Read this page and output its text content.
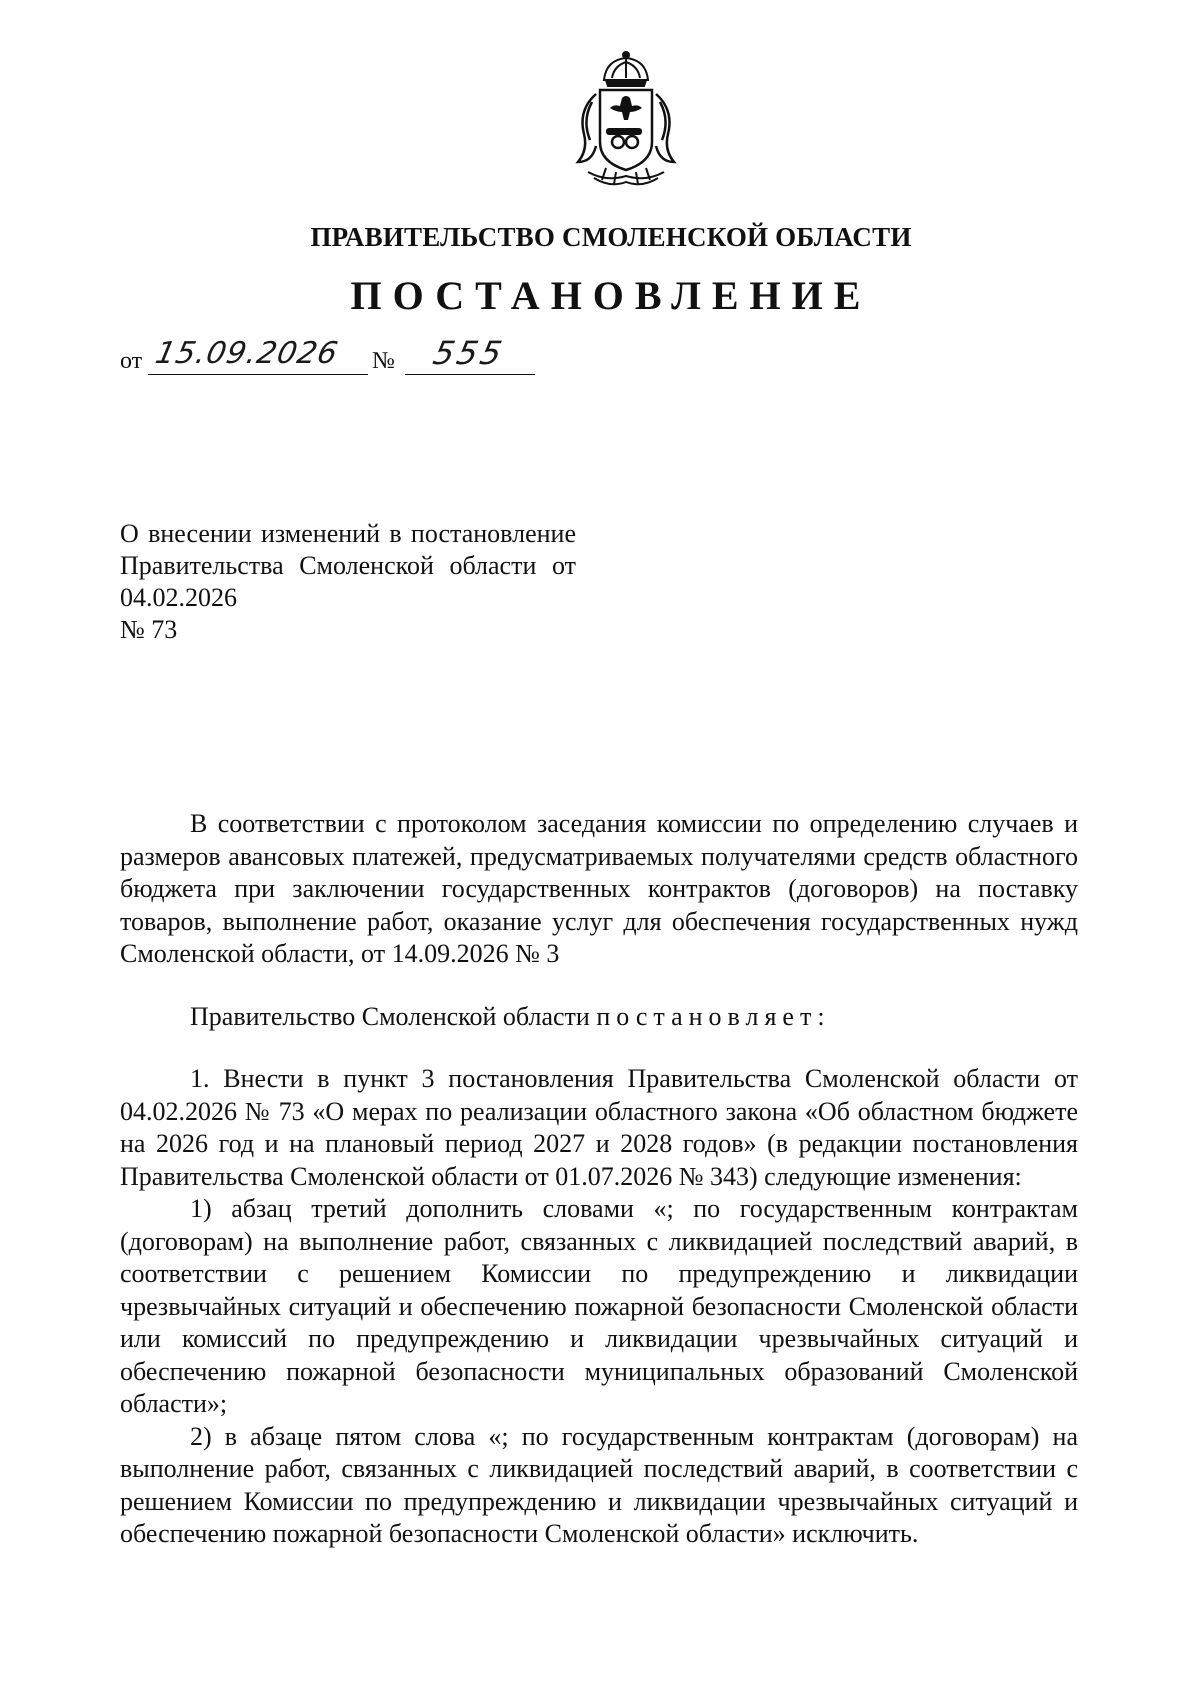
ПРАВИТЕЛЬСТВО СМОЛЕНСКОЙ ОБЛАСТИ
ПОСТАНОВЛЕНИЕ
от 15.09.2026 № 555
О внесении изменений в постановление Правительства Смоленской области от 04.02.2026
№ 73

В соответствии с протоколом заседания комиссии по определению случаев и размеров авансовых платежей, предусматриваемых получателями средств областного бюджета при заключении государственных контрактов (договоров) на поставку товаров, выполнение работ, оказание услуг для обеспечения государственных нужд Смоленской области, от 14.09.2026 № 3

Правительство Смоленской области постановляет:

1. Внести в пункт 3 постановления Правительства Смоленской области от 04.02.2026 № 73 «О мерах по реализации областного закона «Об областном бюджете на 2026 год и на плановый период 2027 и 2028 годов» (в редакции постановления Правительства Смоленской области от 01.07.2026 № 343) следующие изменения:

1) абзац третий дополнить словами «; по государственным контрактам (договорам) на выполнение работ, связанных с ликвидацией последствий аварий, в соответствии с решением Комиссии по предупреждению и ликвидации чрезвычайных ситуаций и обеспечению пожарной безопасности Смоленской области или комиссий по предупреждению и ликвидации чрезвычайных ситуаций и обеспечению пожарной безопасности муниципальных образований Смоленской области»;

2) в абзаце пятом слова «; по государственным контрактам (договорам) на выполнение работ, связанных с ликвидацией последствий аварий, в соответствии с решением Комиссии по предупреждению и ликвидации чрезвычайных ситуаций и обеспечению пожарной безопасности Смоленской области» исключить.
